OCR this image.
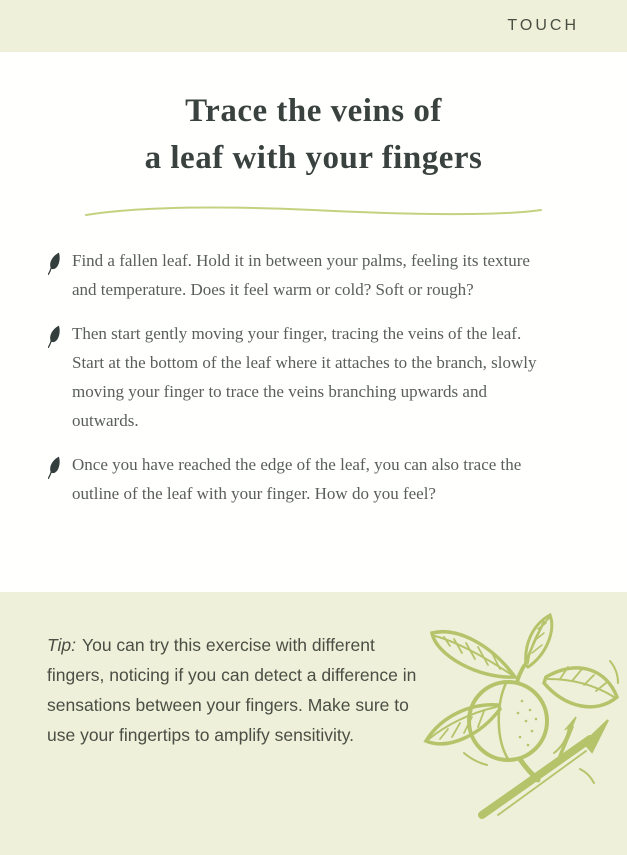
TOUCH
Trace the veins of
a leaf with your fingers
Find a fallen leaf. Hold it in between your palms, feeling its texture and temperature. Does it feel warm or cold? Soft or rough?
Then start gently moving your finger, tracing the veins of the leaf. Start at the bottom of the leaf where it attaches to the branch, slowly moving your finger to trace the veins branching upwards and outwards.
Once you have reached the edge of the leaf, you can also trace the outline of the leaf with your finger. How do you feel?

Tip: You can try this exercise with different fingers, noticing if you can detect a difference in sensations between your fingers. Make sure to use your fingertips to amplify sensitivity.
